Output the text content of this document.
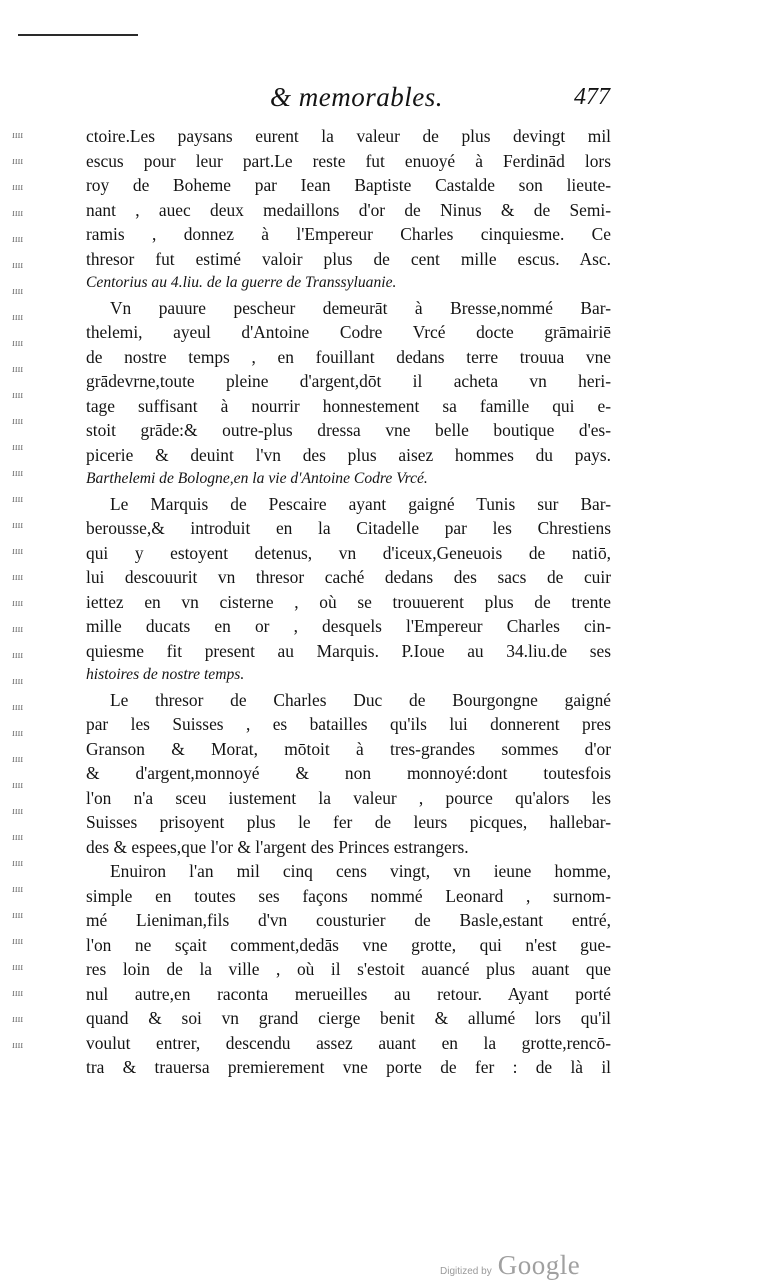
& memorables.	477
ıııı
ıııı
ıııı
ıııı
ıııı
ıııı
ıııı
ıııı
ıııı
ıııı
ıııı
ıııı
ıııı
ıııı
ıııı
ıııı
ıııı
ıııı
ıııı
ıııı
ıııı
ıııı
ıııı
ıııı
ıııı
ıııı
ıııı
ıııı
ıııı
ıııı
ıııı
ıııı
ıııı
ıııı
ıııı
ıııı
ctoire.Les paysans eurent la valeur de plus devingt mil
escus pour leur part.Le reste fut enuoyé à Ferdinād lors
roy de Boheme par Iean Baptiste Castalde son lieute-
nant , auec deux medaillons d'or de Ninus & de Semi-
ramis , donnez à l'Empereur Charles cinquiesme. Ce
thresor fut estimé valoir plus de cent mille escus. Asc.
Centorius au 4.liu. de la guerre de Transsyluanie.
Vn pauure pescheur demeurāt à Bresse,nommé Bar-
thelemi, ayeul d'Antoine Codre Vrcé docte grāmairiē
de nostre temps , en fouillant dedans terre trouua vne
grādevrne,toute pleine d'argent,dōt il acheta vn heri-
tage suffisant à nourrir honnestement sa famille qui e-
stoit grāde:& outre-plus dressa vne belle boutique d'es-
picerie & deuint l'vn des plus aisez hommes du pays.
Barthelemi de Bologne,en la vie d'Antoine Codre Vrcé.
Le Marquis de Pescaire ayant gaigné Tunis sur Bar-
berousse,& introduit en la Citadelle par les Chrestiens
qui y estoyent detenus, vn d'iceux,Geneuois de natiō,
lui descouurit vn thresor caché dedans des sacs de cuir
iettez en vn cisterne , où se trouuerent plus de trente
mille ducats en or , desquels l'Empereur Charles cin-
quiesme fit present au Marquis. P.Ioue au 34.liu.de ses
histoires de nostre temps.
Le thresor de Charles Duc de Bourgongne gaigné
par les Suisses , es batailles qu'ils lui donnerent pres
Granson & Morat, mōtoit à tres-grandes sommes d'or
& d'argent,monnoyé & non monnoyé:dont toutesfois
l'on n'a sceu iustement la valeur , pource qu'alors les
Suisses prisoyent plus le fer de leurs picques, hallebar-
des & espees,que l'or & l'argent des Princes estrangers.
Enuiron l'an mil cinq cens vingt, vn ieune homme,
simple en toutes ses façons nommé Leonard , surnom-
mé Lieniman,fils d'vn cousturier de Basle,estant entré,
l'on ne sçait comment,dedās vne grotte, qui n'est gue-
res loin de la ville , où il s'estoit auancé plus auant que
nul autre,en raconta merueilles au retour. Ayant porté
quand & soi vn grand cierge benit & allumé lors qu'il
voulut entrer, descendu assez auant en la grotte,rencō-
tra & trauersa premierement vne porte de fer : de là il
Digitized by Google
